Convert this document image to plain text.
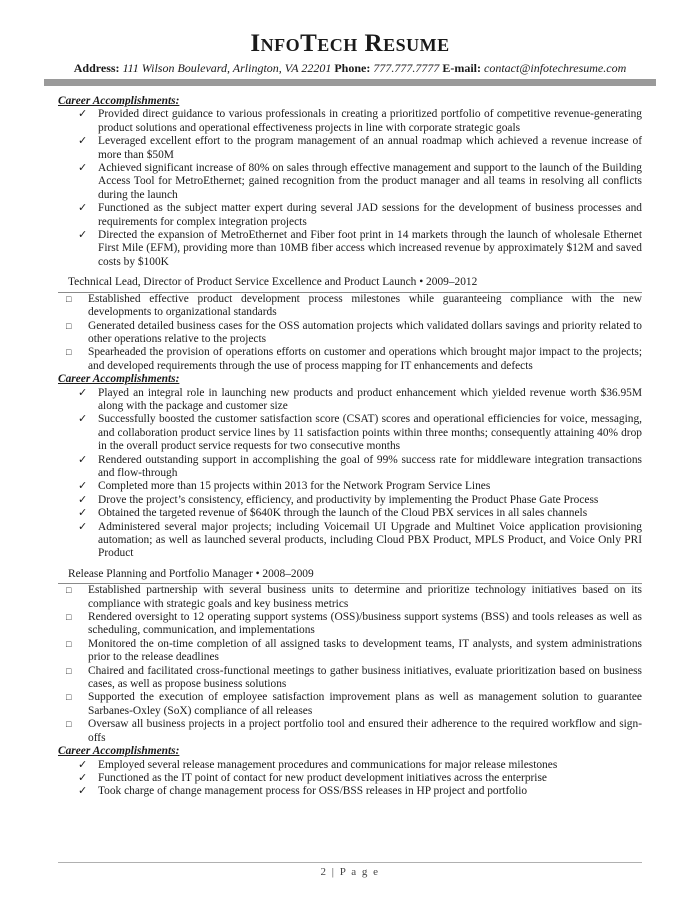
InfoTech Resume
Address: 111 Wilson Boulevard, Arlington, VA 22201 Phone: 777.777.7777 E-mail: contact@infotechresume.com
Career Accomplishments:
✓ Provided direct guidance to various professionals in creating a prioritized portfolio of competitive revenue-generating product solutions and operational effectiveness projects in line with corporate strategic goals
✓ Leveraged excellent effort to the program management of an annual roadmap which achieved a revenue increase of more than $50M
✓ Achieved significant increase of 80% on sales through effective management and support to the launch of the Building Access Tool for MetroEthernet; gained recognition from the product manager and all teams in resolving all conflicts during the launch
✓ Functioned as the subject matter expert during several JAD sessions for the development of business processes and requirements for complex integration projects
✓ Directed the expansion of MetroEthernet and Fiber foot print in 14 markets through the launch of wholesale Ethernet First Mile (EFM), providing more than 10MB fiber access which increased revenue by approximately $12M and saved costs by $100K
Technical Lead, Director of Product Service Excellence and Product Launch • 2009–2012
□ Established effective product development process milestones while guaranteeing compliance with the new developments to organizational standards
□ Generated detailed business cases for the OSS automation projects which validated dollars savings and priority related to other operations relative to the projects
□ Spearheaded the provision of operations efforts on customer and operations which brought major impact to the projects; and developed requirements through the use of process mapping for IT enhancements and defects
Career Accomplishments:
✓ Played an integral role in launching new products and product enhancement which yielded revenue worth $36.95M along with the package and customer size
✓ Successfully boosted the customer satisfaction score (CSAT) scores and operational efficiencies for voice, messaging, and collaboration product service lines by 11 satisfaction points within three months; consequently attaining 40% drop in the overall product service requests for two consecutive months
✓ Rendered outstanding support in accomplishing the goal of 99% success rate for middleware integration transactions and flow-through
✓ Completed more than 15 projects within 2013 for the Network Program Service Lines
✓ Drove the project’s consistency, efficiency, and productivity by implementing the Product Phase Gate Process
✓ Obtained the targeted revenue of $640K through the launch of the Cloud PBX services in all sales channels
✓ Administered several major projects; including Voicemail UI Upgrade and Multinet Voice application provisioning automation; as well as launched several products, including Cloud PBX Product, MPLS Product, and Voice Only PRI Product
Release Planning and Portfolio Manager • 2008–2009
□ Established partnership with several business units to determine and prioritize technology initiatives based on its compliance with strategic goals and key business metrics
□ Rendered oversight to 12 operating support systems (OSS)/business support systems (BSS) and tools releases as well as scheduling, communication, and implementations
□ Monitored the on-time completion of all assigned tasks to development teams, IT analysts, and system administrations prior to the release deadlines
□ Chaired and facilitated cross-functional meetings to gather business initiatives, evaluate prioritization based on business cases, as well as propose business solutions
□ Supported the execution of employee satisfaction improvement plans as well as management solution to guarantee Sarbanes-Oxley (SoX) compliance of all releases
□ Oversaw all business projects in a project portfolio tool and ensured their adherence to the required workflow and sign-offs
Career Accomplishments:
✓ Employed several release management procedures and communications for major release milestones
✓ Functioned as the IT point of contact for new product development initiatives across the enterprise
✓ Took charge of change management process for OSS/BSS releases in HP project and portfolio
2 | P a g e
